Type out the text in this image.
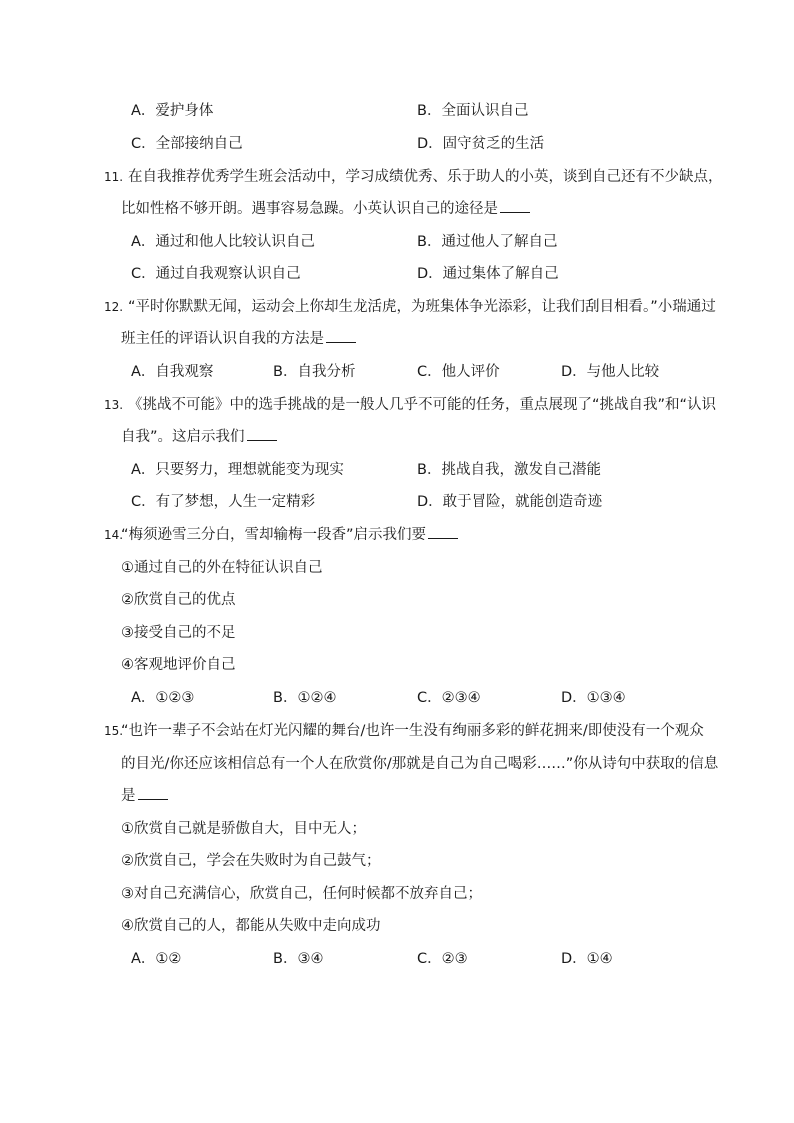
A．爱护身体	B．全面认识自己
C．全部接纳自己	D．固守贫乏的生活
11. 在自我推荐优秀学生班会活动中，学习成绩优秀、乐于助人的小英，谈到自己还有不少缺点，
比如性格不够开朗。遇事容易急躁。小英认识自己的途径是
A．通过和他人比较认识自己	B．通过他人了解自己
C．通过自我观察认识自己	D．通过集体了解自己
12. “平时你默默无闻，运动会上你却生龙活虎，为班集体争光添彩，让我们刮目相看。”小瑞通过
班主任的评语认识自我的方法是
A．自我观察	B．自我分析	C．他人评价	D．与他人比较
13. 《挑战不可能》中的选手挑战的是一般人几乎不可能的任务，重点展现了“挑战自我”和“认识
自我”。这启示我们
A．只要努力，理想就能变为现实	B．挑战自我，激发自己潜能
C．有了梦想，人生一定精彩	D．敢于冒险，就能创造奇迹
14.
“梅须逊雪三分白，雪却输梅一段香”启示我们要
①通过自己的外在特征认识自己
②欣赏自己的优点
③接受自己的不足
④客观地评价自己
A．①②③	B．①②④	C．②③④	D．①③④
15.
“也许一辈子不会站在灯光闪耀的舞台/也许一生没有绚丽多彩的鲜花拥来/即使没有一个观众
的目光/你还应该相信总有一个人在欣赏你/那就是自己为自己喝彩……”你从诗句中获取的信息
是
①欣赏自己就是骄傲自大，目中无人；
②欣赏自己，学会在失败时为自己鼓气；
③对自己充满信心，欣赏自己，任何时候都不放弃自己；
④欣赏自己的人，都能从失败中走向成功
A．①②	B．③④	C．②③	D．①④
